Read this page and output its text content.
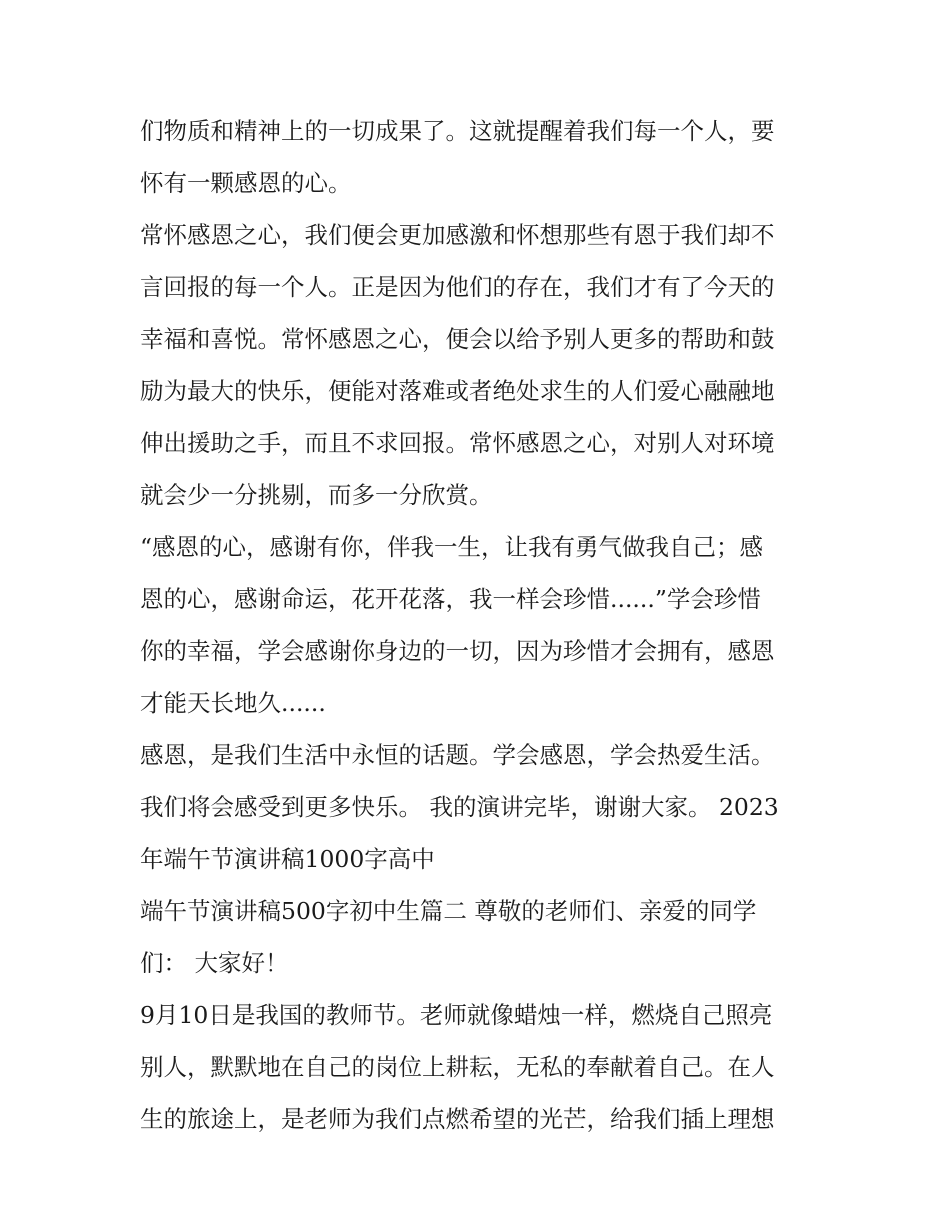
们物质和精神上的一切成果了。这就提醒着我们每一个人，要
怀有一颗感恩的心。
常怀感恩之心，我们便会更加感激和怀想那些有恩于我们却不
言回报的每一个人。正是因为他们的存在，我们才有了今天的
幸福和喜悦。常怀感恩之心，便会以给予别人更多的帮助和鼓
励为最大的快乐，便能对落难或者绝处求生的人们爱心融融地
伸出援助之手，而且不求回报。常怀感恩之心，对别人对环境
就会少一分挑剔，而多一分欣赏。
“感恩的心，感谢有你，伴我一生，让我有勇气做我自己；感
恩的心，感谢命运，花开花落，我一样会珍惜......”学会珍惜
你的幸福，学会感谢你身边的一切，因为珍惜才会拥有，感恩
才能天长地久......
感恩，是我们生活中永恒的话题。学会感恩，学会热爱生活。
我们将会感受到更多快乐。 我的演讲完毕，谢谢大家。 2023
年端午节演讲稿1000字高中
端午节演讲稿500字初中生篇二 尊敬的老师们、亲爱的同学
们： 大家好！
9月10日是我国的教师节。老师就像蜡烛一样，燃烧自己照亮
别人，默默地在自己的岗位上耕耘，无私的奉献着自己。在人
生的旅途上，是老师为我们点燃希望的光芒，给我们插上理想
